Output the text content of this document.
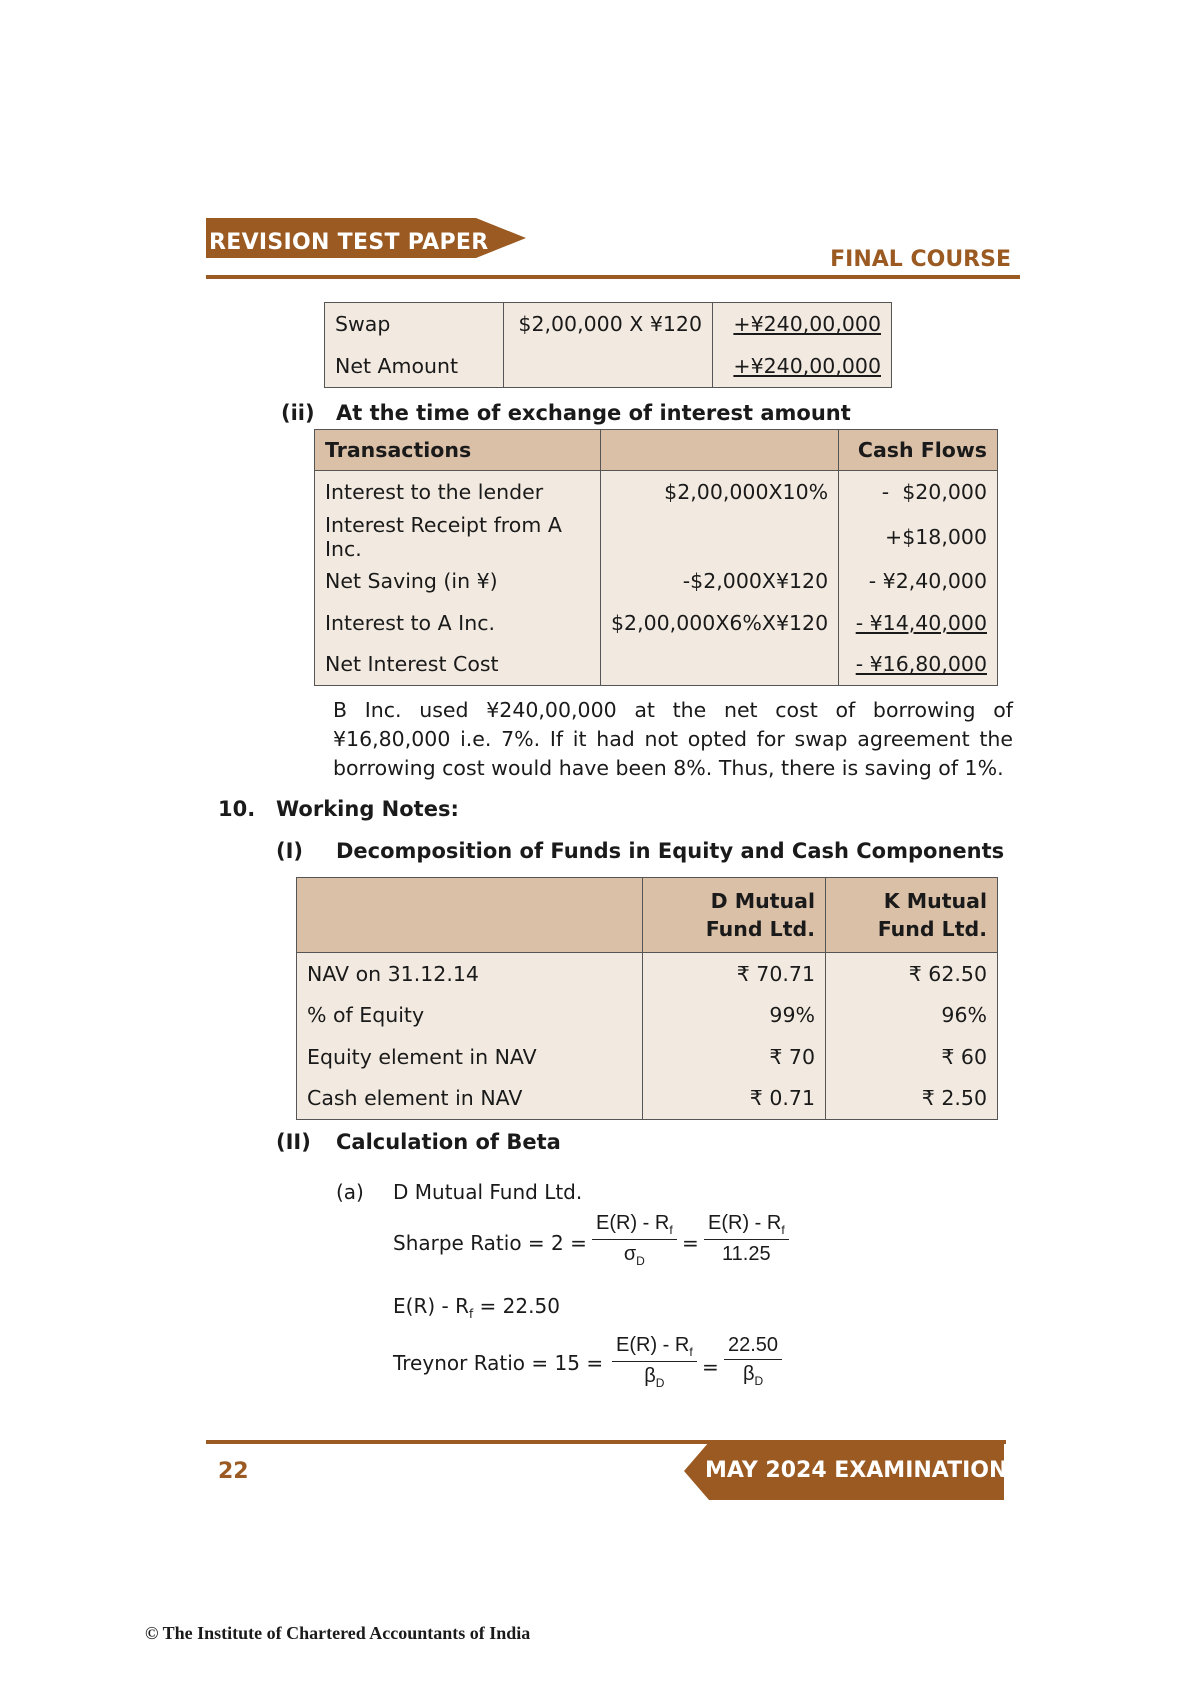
REVISION TEST PAPER
FINAL COURSE
Swap	$2,00,000 X ¥120	+¥240,00,000
Net Amount		+¥240,00,000
(ii) At the time of exchange of interest amount
Transactions		Cash Flows
Interest to the lender	$2,00,000X10%	-  $20,000
Interest Receipt from A Inc.		+$18,000
Net Saving (in ¥)	-$2,000X¥120	- ¥2,40,000
Interest to A Inc.	$2,00,000X6%X¥120	- ¥14,40,000
Net Interest Cost		- ¥16,80,000
B Inc. used ¥240,00,000 at the net cost of borrowing of ¥16,80,000 i.e. 7%. If it had not opted for swap agreement the borrowing cost would have been 8%. Thus, there is saving of 1%.
10. Working Notes:
(I) Decomposition of Funds in Equity and Cash Components
	D Mutual Fund Ltd.	K Mutual Fund Ltd.
NAV on 31.12.14	₹ 70.71	₹ 62.50
% of Equity	99%	96%
Equity element in NAV	₹ 70	₹ 60
Cash element in NAV	₹ 0.71	₹ 2.50
(II) Calculation of Beta
(a) D Mutual Fund Ltd.
Sharpe Ratio = $2 = \frac{E(R) - R_f}{\sigma_D} = \frac{E(R) - R_f}{11.25}$
$E(R) - R_f = 22.50$
Treynor Ratio = $15 = \frac{E(R) - R_f}{\beta_D} = \frac{22.50}{\beta_D}$
22	MAY 2024 EXAMINATION
© The Institute of Chartered Accountants of India
